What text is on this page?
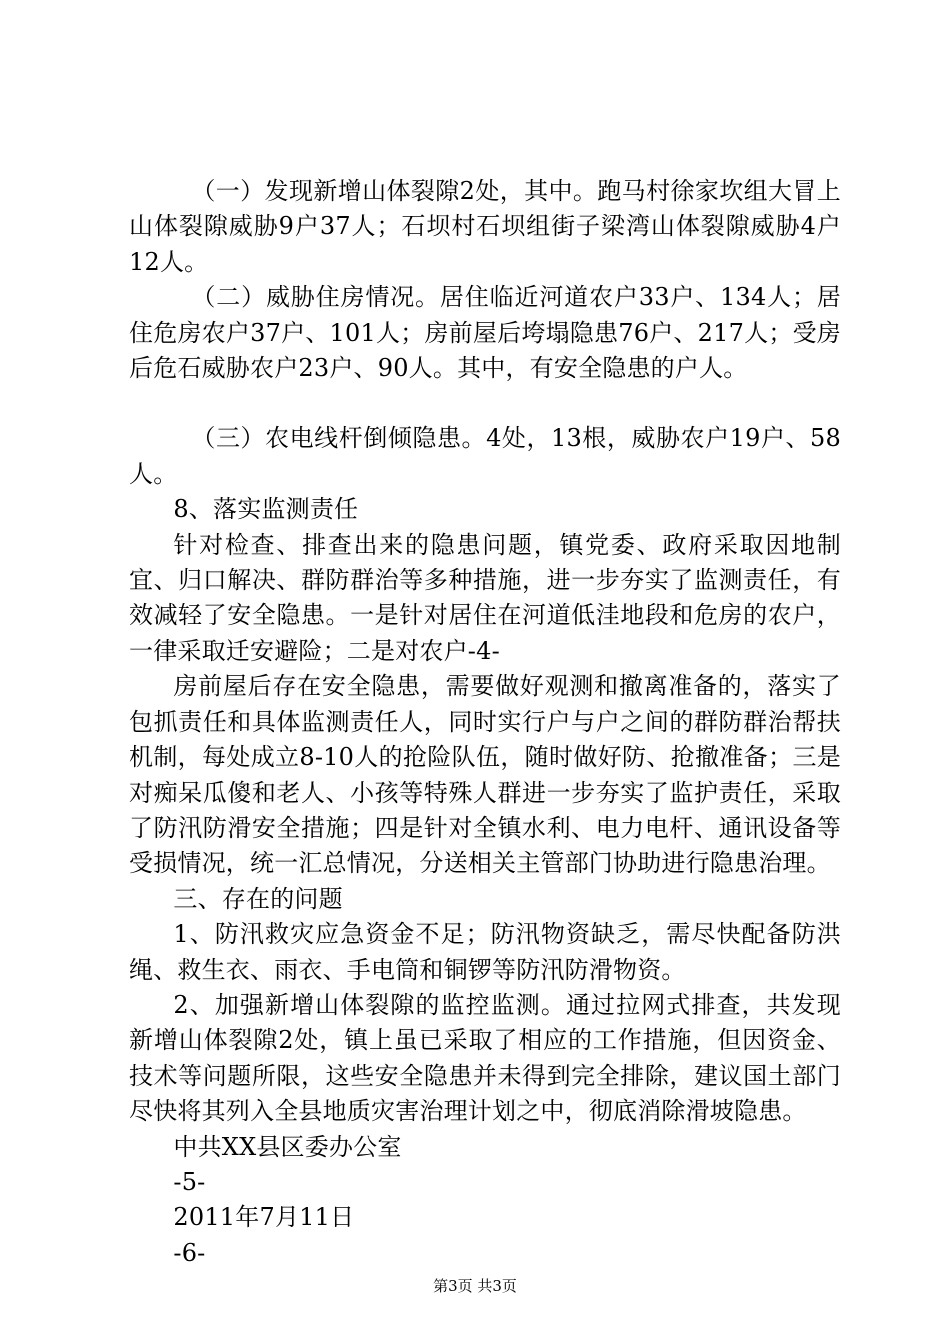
（一）发现新增山体裂隙2处，其中。跑马村徐家坎组大冒上山体裂隙威胁9户37人；石坝村石坝组街子梁湾山体裂隙威胁4户12人。

（二）威胁住房情况。居住临近河道农户33户、134人；居住危房农户37户、101人；房前屋后垮塌隐患76户、217人；受房后危石威胁农户23户、90人。其中，有安全隐患的户人。

（三）农电线杆倒倾隐患。4处，13根，威胁农户19户、58人。

8、落实监测责任

针对检查、排查出来的隐患问题，镇党委、政府采取因地制宜、归口解决、群防群治等多种措施，进一步夯实了监测责任，有效减轻了安全隐患。一是针对居住在河道低洼地段和危房的农户，一律采取迁安避险；二是对农户-4-

房前屋后存在安全隐患，需要做好观测和撤离准备的，落实了包抓责任和具体监测责任人，同时实行户与户之间的群防群治帮扶机制，每处成立8-10人的抢险队伍，随时做好防、抢撤准备；三是对痴呆瓜傻和老人、小孩等特殊人群进一步夯实了监护责任，采取了防汛防滑安全措施；四是针对全镇水利、电力电杆、通讯设备等受损情况，统一汇总情况，分送相关主管部门协助进行隐患治理。

三、存在的问题

1、防汛救灾应急资金不足；防汛物资缺乏，需尽快配备防洪绳、救生衣、雨衣、手电筒和铜锣等防汛防滑物资。

2、加强新增山体裂隙的监控监测。通过拉网式排查，共发现新增山体裂隙2处，镇上虽已采取了相应的工作措施，但因资金、技术等问题所限，这些安全隐患并未得到完全排除，建议国土部门尽快将其列入全县地质灾害治理计划之中，彻底消除滑坡隐患。

中共XX县区委办公室

-5-

2011年7月11日

-6-

第3页 共3页
